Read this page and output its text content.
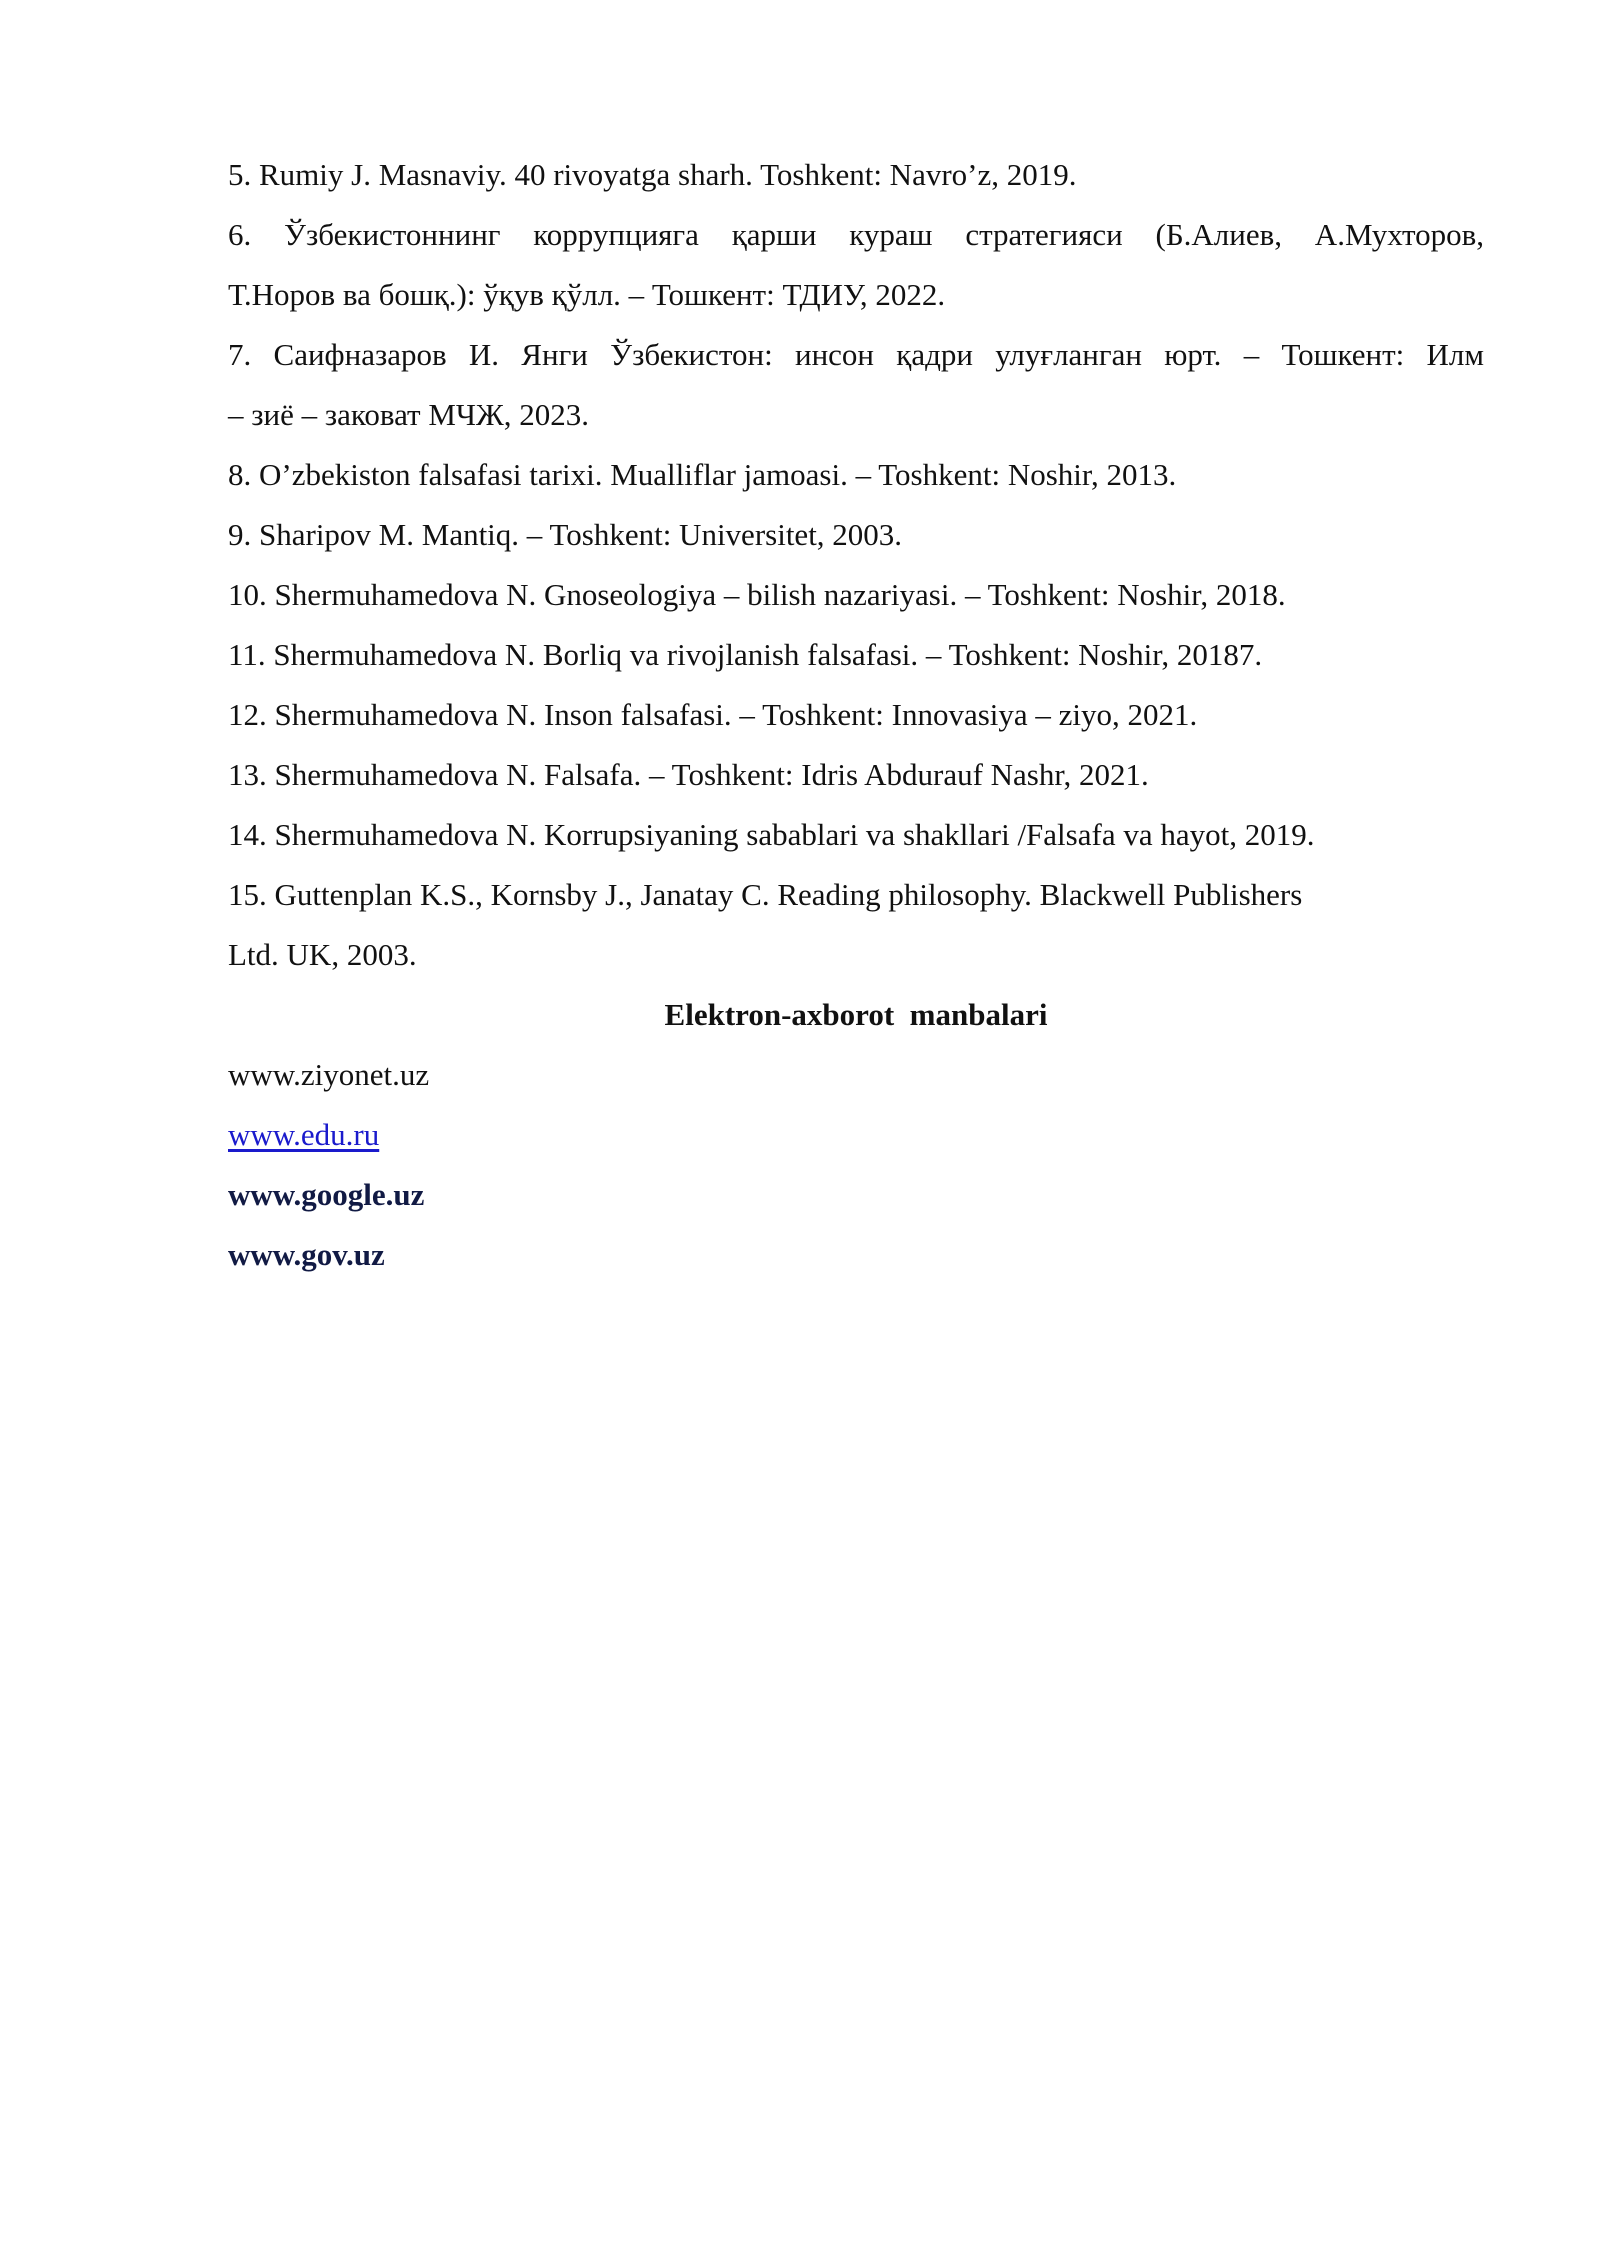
5. Rumiy J. Masnaviy. 40 rivoyatga sharh. Toshkent: Navro’z, 2019.
6. Ўзбекистоннинг коррупцияга қарши кураш стратегияси (Б.Алиев, А.Мухторов,
Т.Норов ва бошқ.): ўқув қўлл. – Тошкент: ТДИУ, 2022.
7. Саифназаров И. Янги Ўзбекистон: инсон қадри улуғланган юрт. – Тошкент: Илм
– зиё – заковат МЧЖ, 2023.
8. O’zbekiston falsafasi tarixi. Mualliflar jamoasi. – Toshkent: Noshir, 2013.
9. Sharipov M. Mantiq. – Toshkent: Universitet, 2003.
10. Shermuhamedova N. Gnoseologiya – bilish nazariyasi. – Toshkent: Noshir, 2018.
11. Shermuhamedova N. Borliq va rivojlanish falsafasi. – Toshkent: Noshir, 20187.
12. Shermuhamedova N. Inson falsafasi. – Toshkent: Innovasiya – ziyo, 2021.
13. Shermuhamedova N. Falsafa. – Toshkent: Idris Abdurauf Nashr, 2021.
14. Shermuhamedova N. Korrupsiyaning sabablari va shakllari /Falsafa va hayot, 2019.
15. Guttenplan K.S., Kornsby J., Janatay C. Reading philosophy. Blackwell Publishers
Ltd. UK, 2003.
Elektron-axborot  manbalari
www.ziyonet.uz
www.edu.ru
www.google.uz
www.gov.uz
